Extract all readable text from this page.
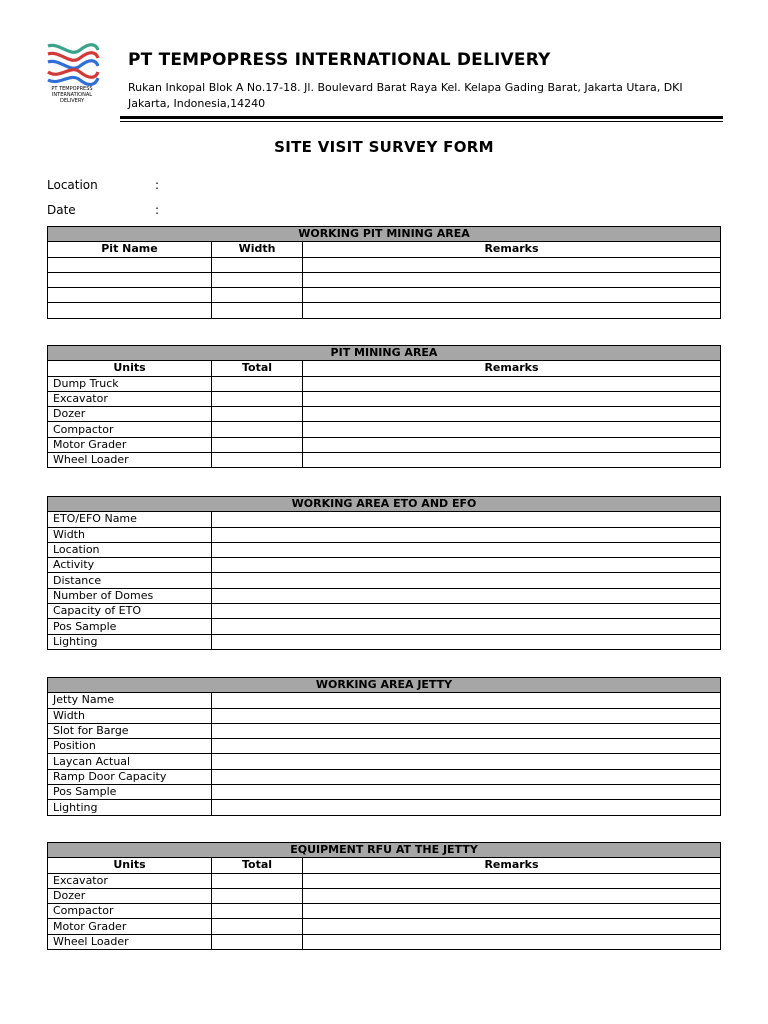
PT TEMPOPRESS
INTERNATIONAL
DELIVERY
PT TEMPOPRESS INTERNATIONAL DELIVERY
Rukan Inkopal Blok A No.17-18. Jl. Boulevard Barat Raya Kel. Kelapa Gading Barat, Jakarta Utara, DKI Jakarta, Indonesia,14240
SITE VISIT SURVEY FORM
Location	:
Date	:
WORKING PIT MINING AREA		
Pit Name	Width	Remarks

PIT MINING AREA		
Units	Total	Remarks
Dump Truck		
Excavator		
Dozer		
Compactor		
Motor Grader		
Wheel Loader		
WORKING AREA ETO AND EFO	
ETO/EFO Name	
Width	
Location	
Activity	
Distance	
Number of Domes	
Capacity of ETO	
Pos Sample	
Lighting	
WORKING AREA JETTY	
Jetty Name	
Width	
Slot for Barge	
Position	
Laycan Actual	
Ramp Door Capacity	
Pos Sample	
Lighting	
EQUIPMENT RFU AT THE JETTY		
Units	Total	Remarks
Excavator		
Dozer		
Compactor		
Motor Grader		
Wheel Loader		
